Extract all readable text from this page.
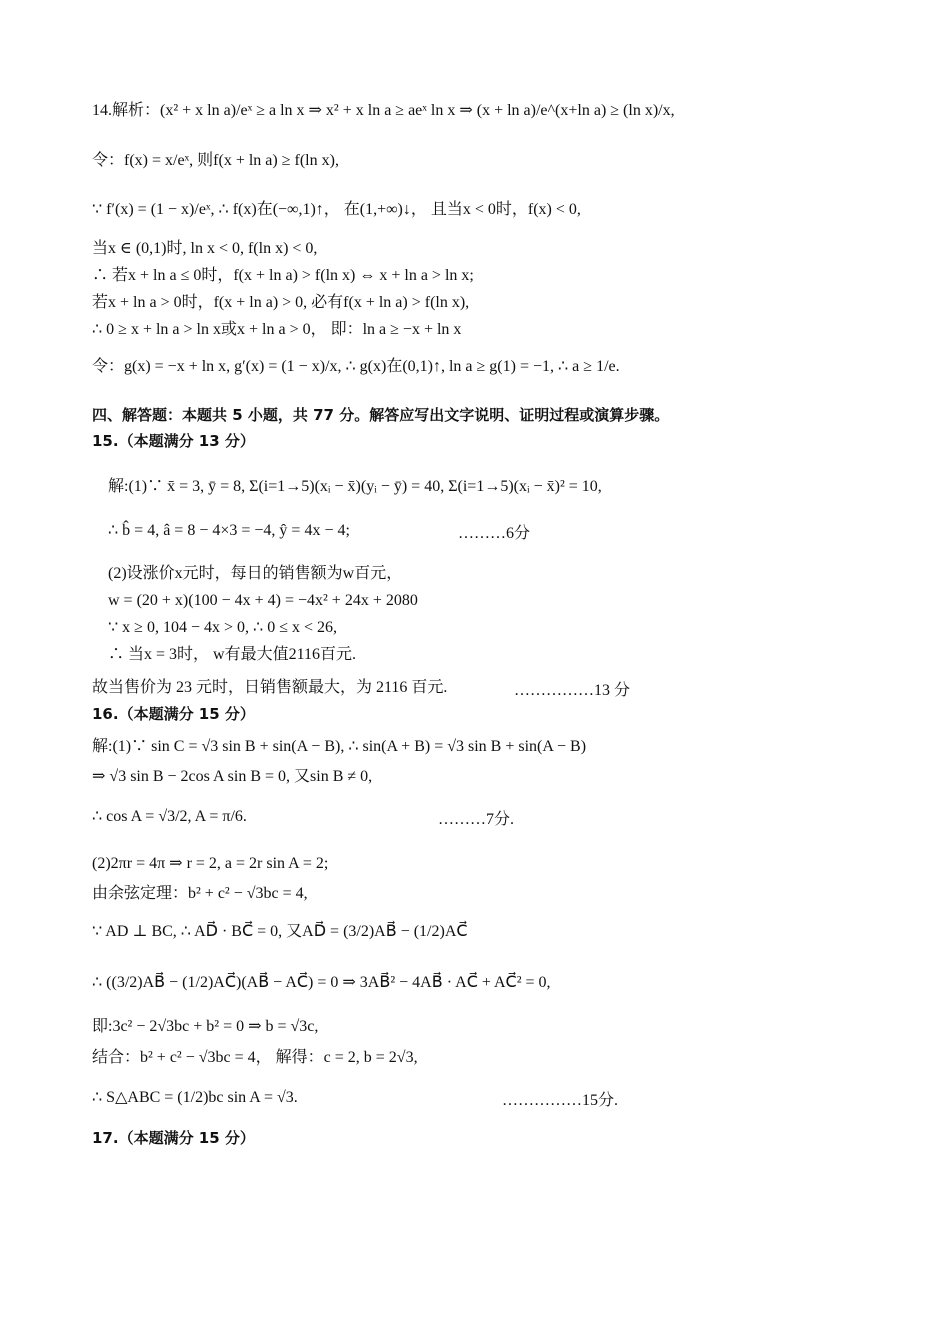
14.解析：(x² + x ln a)/eˣ ≥ a ln x ⇒ x² + x ln a ≥ aeˣ ln x ⇒ (x + ln a)/e^(x+ln a) ≥ (ln x)/x,
令：f(x) = x/eˣ, 则f(x + ln a) ≥ f(ln x),
∵ f′(x) = (1 − x)/eˣ, ∴ f(x)在(−∞,1)↑， 在(1,+∞)↓， 且当x < 0时，f(x) < 0,
当x ∈ (0,1)时, ln x < 0, f(ln x) < 0,
∴ 若x + ln a ≤ 0时，f(x + ln a) > f(ln x) ⇔ x + ln a > ln x;
若x + ln a > 0时，f(x + ln a) > 0, 必有f(x + ln a) > f(ln x),
∴ 0 ≥ x + ln a > ln x或x + ln a > 0， 即：ln a ≥ −x + ln x
令：g(x) = −x + ln x, g′(x) = (1 − x)/x, ∴ g(x)在(0,1)↑, ln a ≥ g(1) = −1, ∴ a ≥ 1/e.
四、解答题：本题共 5 小题，共 77 分。解答应写出文字说明、证明过程或演算步骤。
15.（本题满分 13 分）
解:(1)∵ x̄ = 3, ȳ = 8, Σ(i=1→5)(xᵢ − x̄)(yᵢ − ȳ) = 40, Σ(i=1→5)(xᵢ − x̄)² = 10,
∴ b̂ = 4, â = 8 − 4×3 = −4, ŷ = 4x − 4;	………6分
(2)设涨价x元时，每日的销售额为w百元，
w = (20 + x)(100 − 4x + 4) = −4x² + 24x + 2080
∵ x ≥ 0, 104 − 4x > 0, ∴ 0 ≤ x < 26,
∴ 当x = 3时， w有最大值2116百元.
故当售价为 23 元时，日销售额最大，为 2116 百元.	……………13 分
16.（本题满分 15 分）
解:(1)∵ sin C = √3 sin B + sin(A − B), ∴ sin(A + B) = √3 sin B + sin(A − B)
⇒ √3 sin B − 2cos A sin B = 0, 又sin B ≠ 0,
∴ cos A = √3/2, A = π/6.	………7分.
(2)2πr = 4π ⇒ r = 2, a = 2r sin A = 2;
由余弦定理：b² + c² − √3bc = 4,
∵ AD ⊥ BC, ∴ AD⃗ · BC⃗ = 0, 又AD⃗ = (3/2)AB⃗ − (1/2)AC⃗
∴ ((3/2)AB⃗ − (1/2)AC⃗)(AB⃗ − AC⃗) = 0 ⇒ 3AB⃗² − 4AB⃗ · AC⃗ + AC⃗² = 0,
即:3c² − 2√3bc + b² = 0 ⇒ b = √3c,
结合：b² + c² − √3bc = 4， 解得：c = 2, b = 2√3,
∴ S△ABC = (1/2)bc sin A = √3.	……………15分.
17.（本题满分 15 分）
